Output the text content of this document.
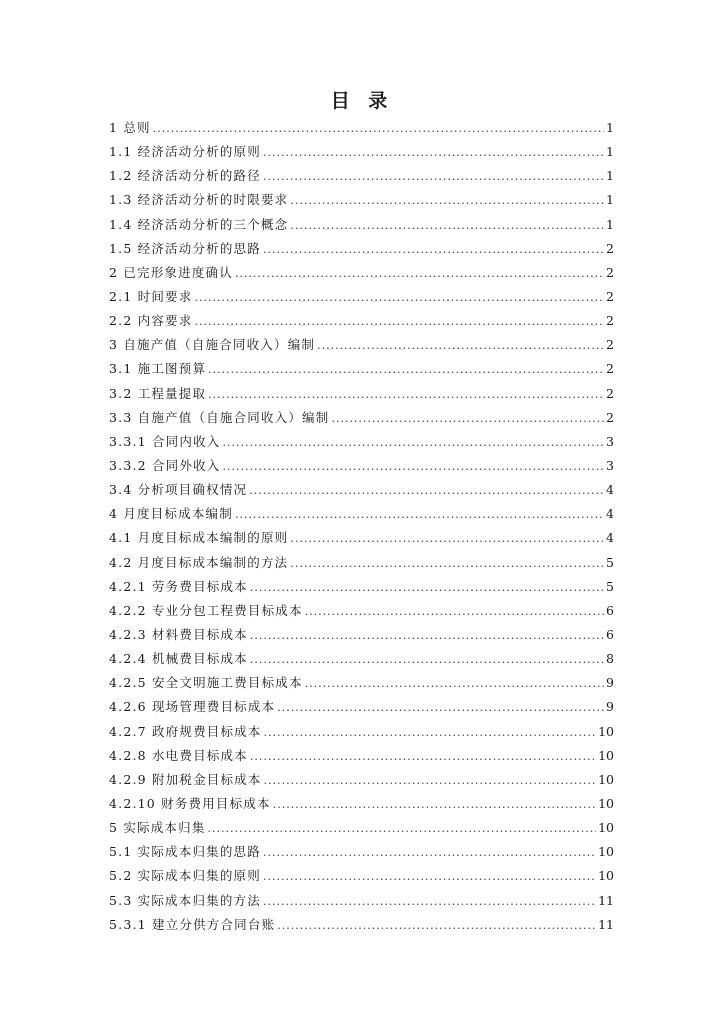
目 录
1 总则 .....	1
1.1 经济活动分析的原则 .....	1
1.2 经济活动分析的路径 .....	1
1.3 经济活动分析的时限要求 .....	1
1.4 经济活动分析的三个概念 .....	1
1.5 经济活动分析的思路 .....	2
2 已完形象进度确认 .....	2
2.1 时间要求 .....	2
2.2 内容要求 .....	2
3 自施产值（自施合同收入）编制 .....	2
3.1 施工图预算 .....	2
3.2 工程量提取 .....	2
3.3 自施产值（自施合同收入）编制 .....	2
3.3.1 合同内收入 .....	3
3.3.2 合同外收入 .....	3
3.4 分析项目确权情况 .....	4
4 月度目标成本编制 .....	4
4.1 月度目标成本编制的原则 .....	4
4.2 月度目标成本编制的方法 .....	5
4.2.1 劳务费目标成本 .....	5
4.2.2 专业分包工程费目标成本 .....	6
4.2.3 材料费目标成本 .....	6
4.2.4 机械费目标成本 .....	8
4.2.5 安全文明施工费目标成本 .....	9
4.2.6 现场管理费目标成本 .....	9
4.2.7 政府规费目标成本 .....	10
4.2.8 水电费目标成本 .....	10
4.2.9 附加税金目标成本 .....	10
4.2.10 财务费用目标成本 .....	10
5 实际成本归集 .....	10
5.1 实际成本归集的思路 .....	10
5.2 实际成本归集的原则 .....	10
5.3 实际成本归集的方法 .....	11
5.3.1 建立分供方合同台账 .....	11
